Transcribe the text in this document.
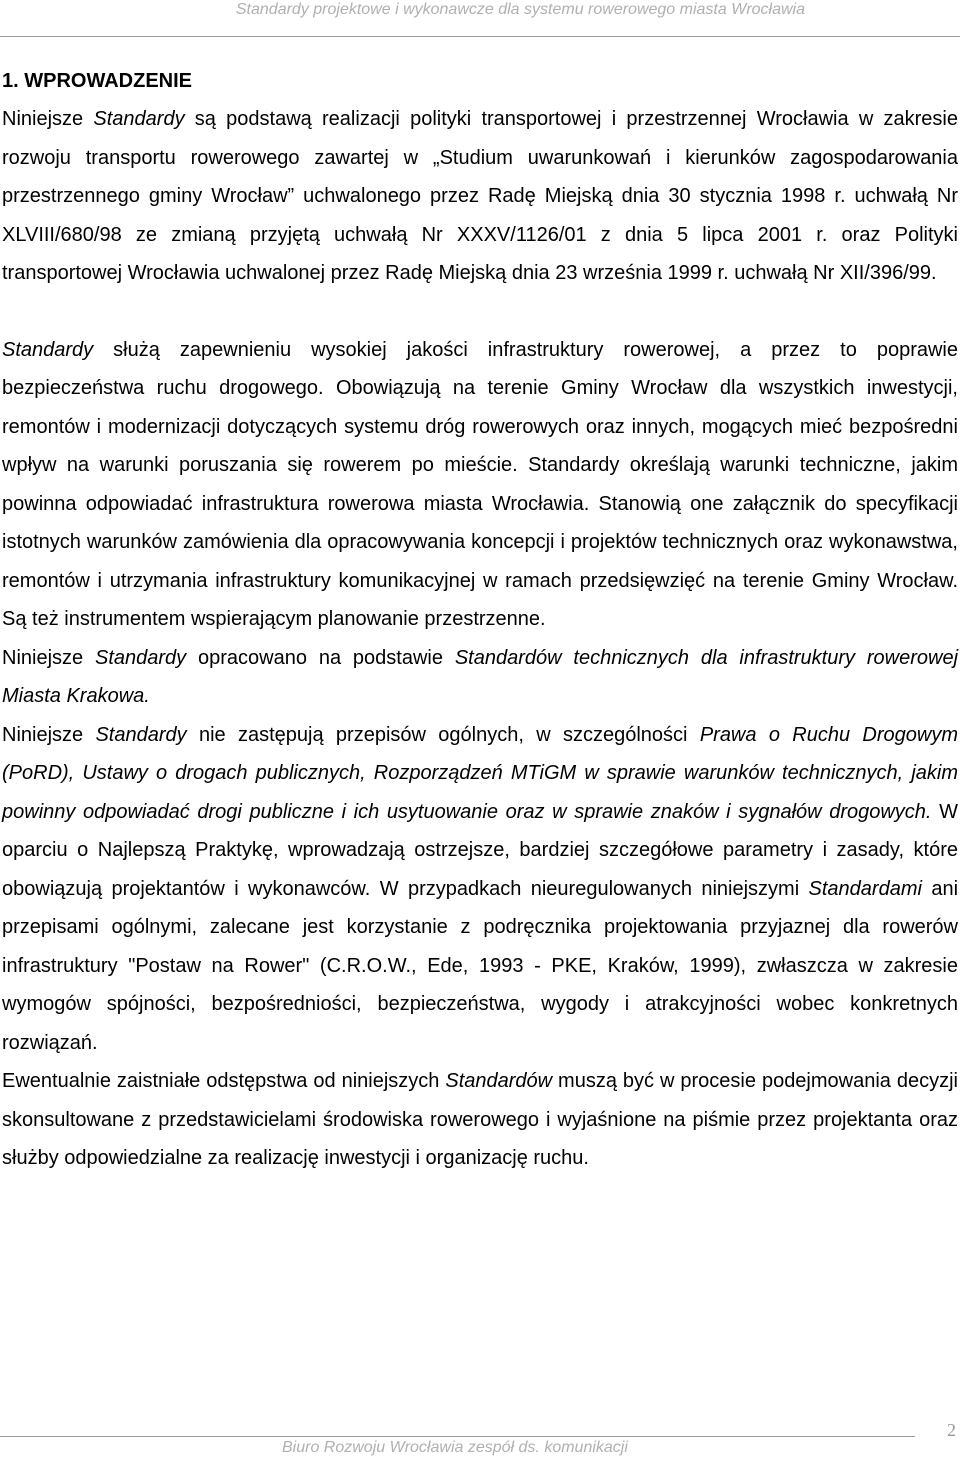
Standardy projektowe i wykonawcze dla systemu rowerowego miasta Wrocławia
1. WPROWADZENIE

Niniejsze Standardy są podstawą realizacji polityki transportowej i przestrzennej Wrocławia w zakresie rozwoju transportu rowerowego zawartej w „Studium uwarunkowań i kierunków zagospodarowania przestrzennego gminy Wrocław” uchwalonego przez Radę Miejską dnia 30 stycznia 1998 r. uchwałą Nr XLVIII/680/98 ze zmianą przyjętą uchwałą Nr XXXV/1126/01 z dnia 5 lipca 2001 r. oraz Polityki transportowej Wrocławia uchwalonej przez Radę Miejską dnia 23 września 1999 r. uchwałą Nr XII/396/99.

Standardy służą zapewnieniu wysokiej jakości infrastruktury rowerowej, a przez to poprawie bezpieczeństwa ruchu drogowego. Obowiązują na terenie Gminy Wrocław dla wszystkich inwestycji, remontów i modernizacji dotyczących systemu dróg rowerowych oraz innych, mogących mieć bezpośredni wpływ na warunki poruszania się rowerem po mieście. Standardy określają warunki techniczne, jakim powinna odpowiadać infrastruktura rowerowa miasta Wrocławia. Stanowią one załącznik do specyfikacji istotnych warunków zamówienia dla opracowywania koncepcji i projektów technicznych oraz wykonawstwa, remontów i utrzymania infrastruktury komunikacyjnej w ramach przedsięwzięć na terenie Gminy Wrocław. Są też instrumentem wspierającym planowanie przestrzenne.

Niniejsze Standardy opracowano na podstawie Standardów technicznych dla infrastruktury rowerowej Miasta Krakowa.

Niniejsze Standardy nie zastępują przepisów ogólnych, w szczególności Prawa o Ruchu Drogowym (PoRD), Ustawy o drogach publicznych, Rozporządzeń MTiGM w sprawie warunków technicznych, jakim powinny odpowiadać drogi publiczne i ich usytuowanie oraz w sprawie znaków i sygnałów drogowych. W oparciu o Najlepszą Praktykę, wprowadzają ostrzejsze, bardziej szczegółowe parametry i zasady, które obowiązują projektantów i wykonawców. W przypadkach nieuregulowanych niniejszymi Standardami ani przepisami ogólnymi, zalecane jest korzystanie z podręcznika projektowania przyjaznej dla rowerów infrastruktury "Postaw na Rower" (C.R.O.W., Ede, 1993 - PKE, Kraków, 1999), zwłaszcza w zakresie wymogów spójności, bezpośredniości, bezpieczeństwa, wygody i atrakcyjności wobec konkretnych rozwiązań.

Ewentualnie zaistniałe odstępstwa od niniejszych Standardów muszą być w procesie podejmowania decyzji skonsultowane z przedstawicielami środowiska rowerowego i wyjaśnione na piśmie przez projektanta oraz służby odpowiedzialne za realizację inwestycji i organizację ruchu.

2
Biuro Rozwoju Wrocławia zespół ds. komunikacji
